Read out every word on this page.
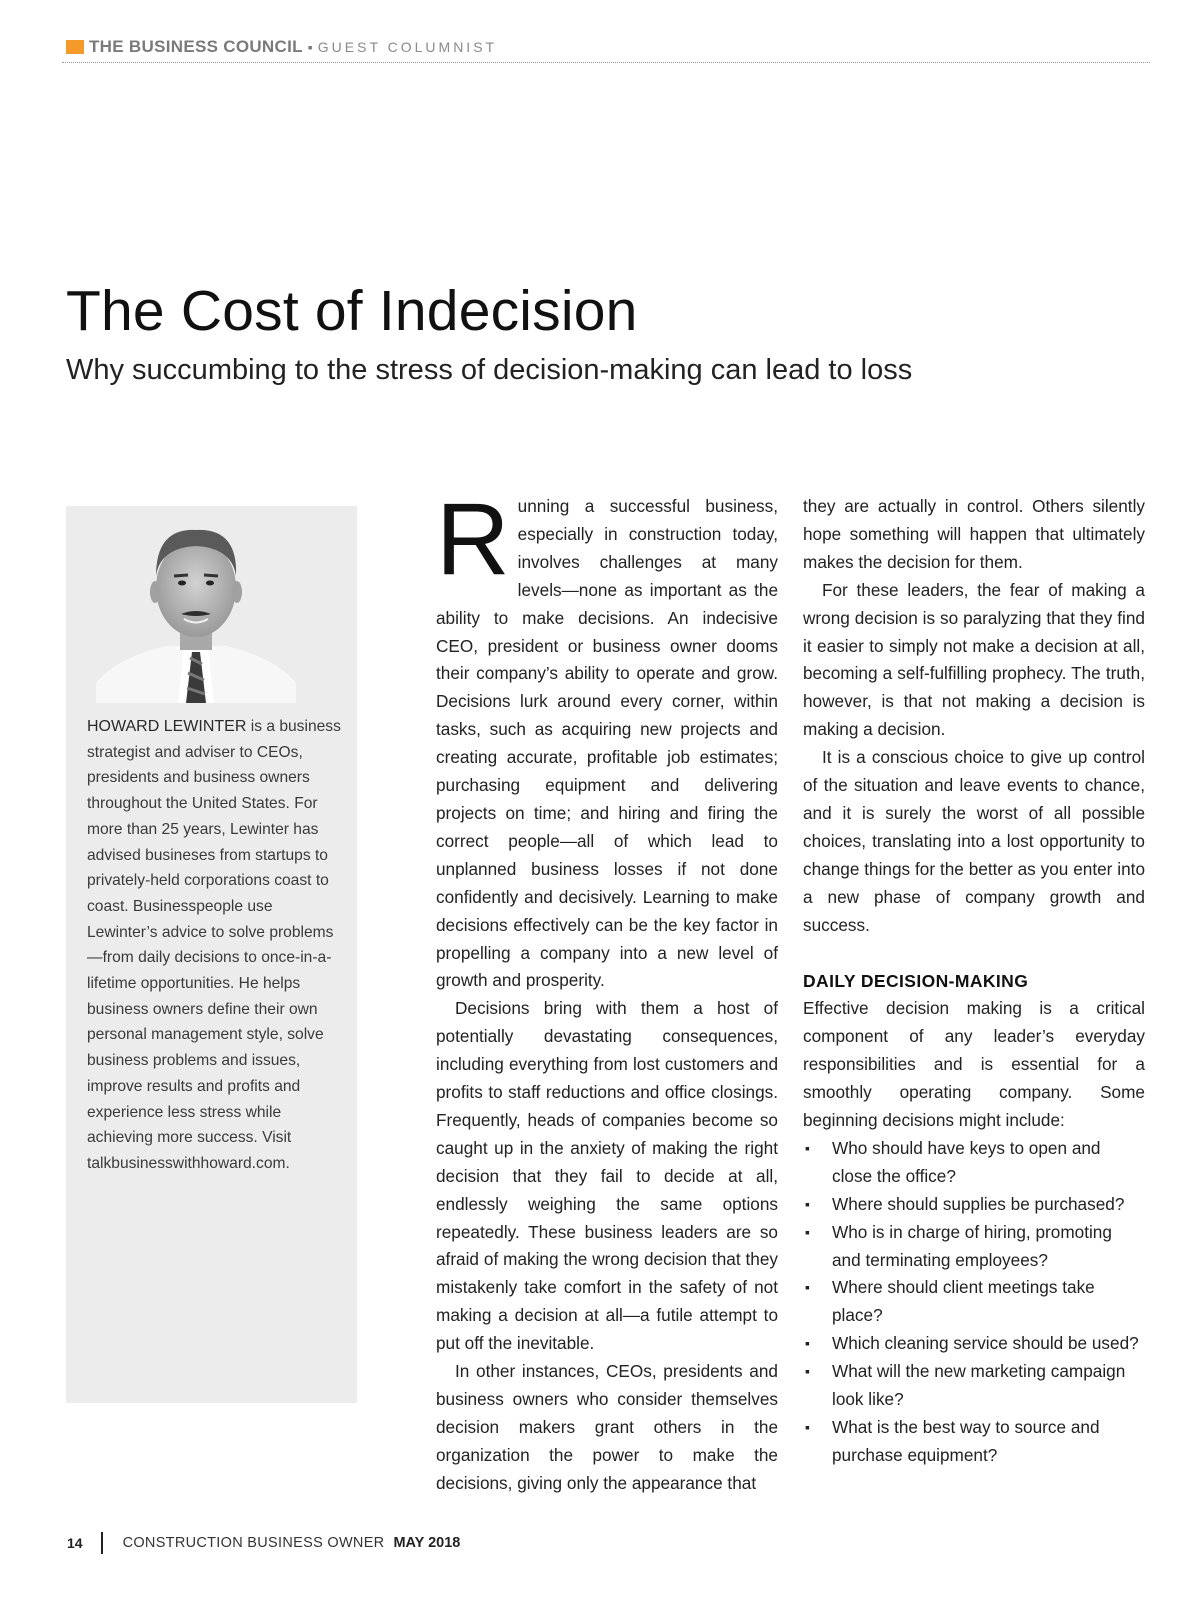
THE BUSINESS COUNCIL ▪ GUEST COLUMNIST
The Cost of Indecision
Why succumbing to the stress of decision-making can lead to loss
HOWARD LEWINTER is a business strategist and adviser to CEOs, presidents and business owners throughout the United States. For more than 25 years, Lewinter has advised busineses from startups to privately-held corporations coast to coast. Businesspeople use Lewinter’s advice to solve problems—from daily decisions to once-in-a-lifetime opportunities. He helps business owners define their own personal management style, solve business problems and issues, improve results and profits and experience less stress while achieving more success. Visit talkbusinesswithhoward.com.

Running a successful business, especially in construction today, involves challenges at many levels—none as important as the ability to make decisions. An indecisive CEO, president or business owner dooms their company’s ability to operate and grow. Decisions lurk around every corner, within tasks, such as acquiring new projects and creating accurate, profitable job estimates; purchasing equipment and delivering projects on time; and hiring and firing the correct people—all of which lead to unplanned business losses if not done confidently and decisively. Learning to make decisions effectively can be the key factor in propelling a company into a new level of growth and prosperity.

Decisions bring with them a host of potentially devastating consequences, including everything from lost customers and profits to staff reductions and office closings. Frequently, heads of companies become so caught up in the anxiety of making the right decision that they fail to decide at all, endlessly weighing the same options repeatedly. These business leaders are so afraid of making the wrong decision that they mistakenly take comfort in the safety of not making a decision at all—a futile attempt to put off the inevitable.

In other instances, CEOs, presidents and business owners who consider themselves decision makers grant others in the organization the power to make the decisions, giving only the appearance that

they are actually in control. Others silently hope something will happen that ultimately makes the decision for them.

For these leaders, the fear of making a wrong decision is so paralyzing that they find it easier to simply not make a decision at all, becoming a self-fulfilling prophecy. The truth, however, is that not making a decision is making a decision.

It is a conscious choice to give up control of the situation and leave events to chance, and it is surely the worst of all possible choices, translating into a lost opportunity to change things for the better as you enter into a new phase of company growth and success.

DAILY DECISION-MAKING

Effective decision making is a critical component of any leader’s everyday responsibilities and is essential for a smoothly operating company. Some beginning decisions might include:

▪ Who should have keys to open and close the office?
▪ Where should supplies be purchased?
▪ Who is in charge of hiring, promoting and terminating employees?
▪ Where should client meetings take place?
▪ Which cleaning service should be used?
▪ What will the new marketing campaign look like?
▪ What is the best way to source and purchase equipment?
14	CONSTRUCTION BUSINESS OWNER MAY 2018
